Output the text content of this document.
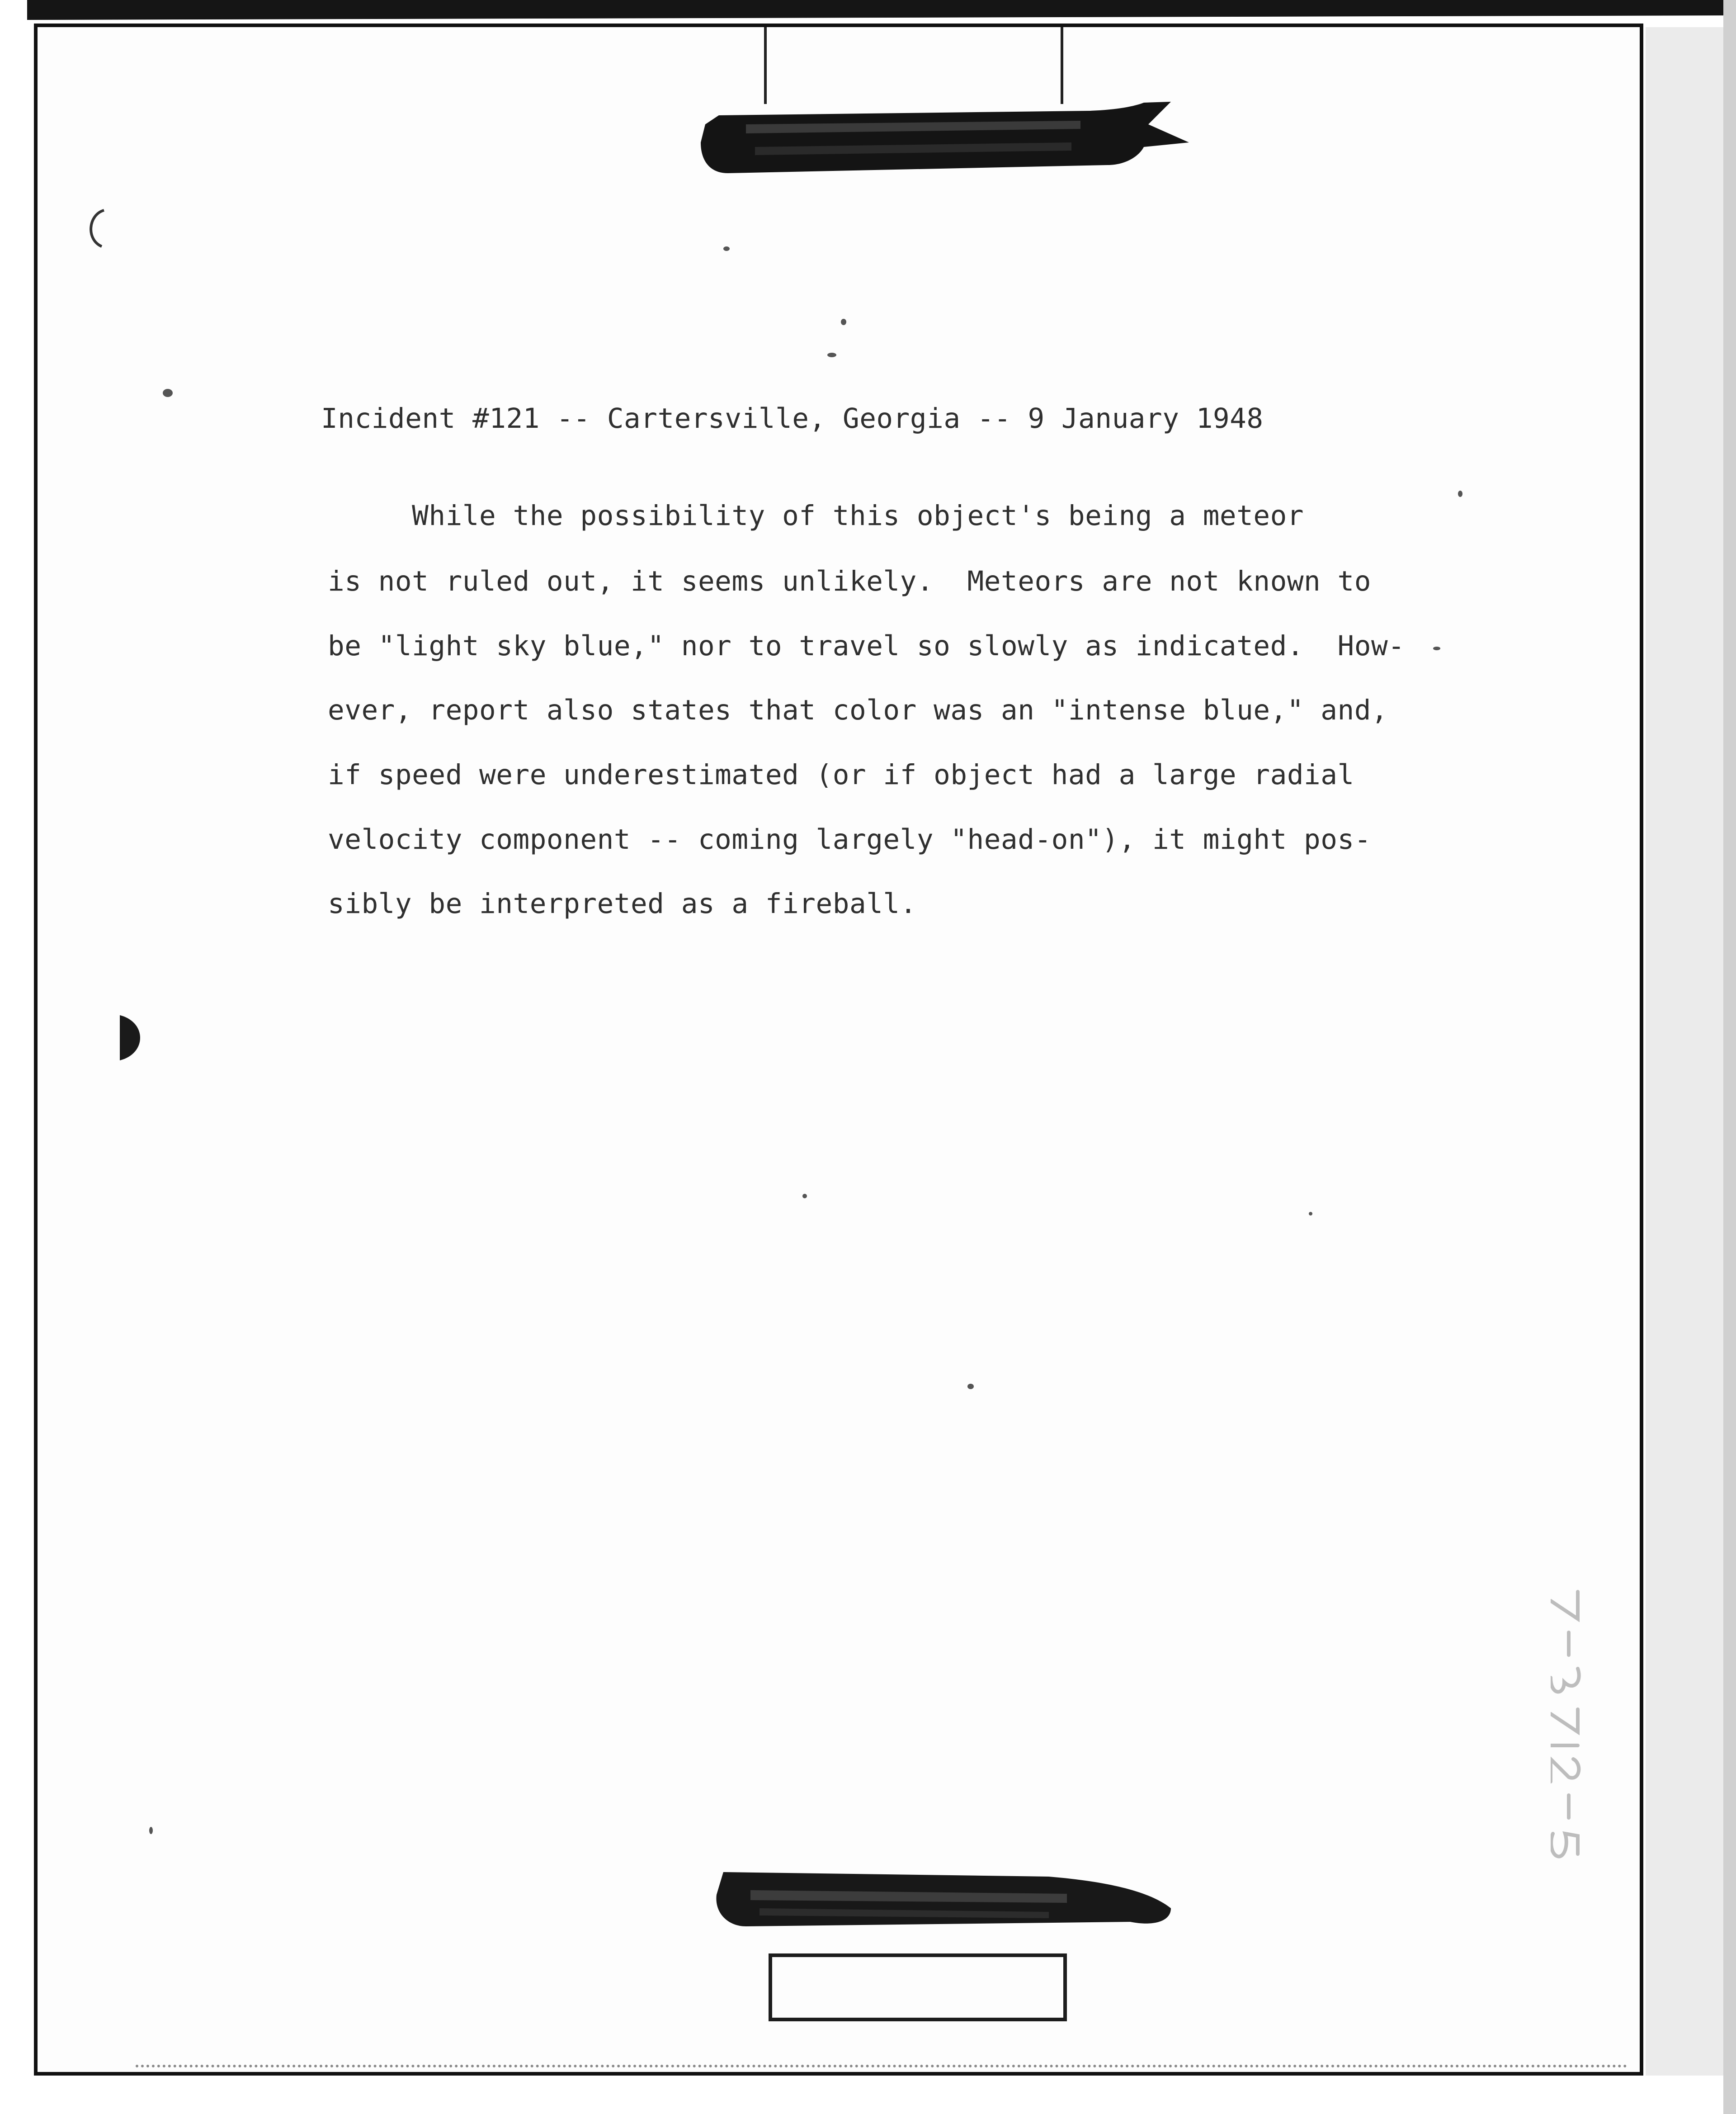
Incident #121 -- Cartersville, Georgia -- 9 January 1948
While the possibility of this object's being a meteor
is not ruled out, it seems unlikely.  Meteors are not known to
be "light sky blue," nor to travel so slowly as indicated.  How-
ever, report also states that color was an "intense blue," and,
if speed were underestimated (or if object had a large radial
velocity component -- coming largely "head-on"), it might pos-
sibly be interpreted as a fireball.
